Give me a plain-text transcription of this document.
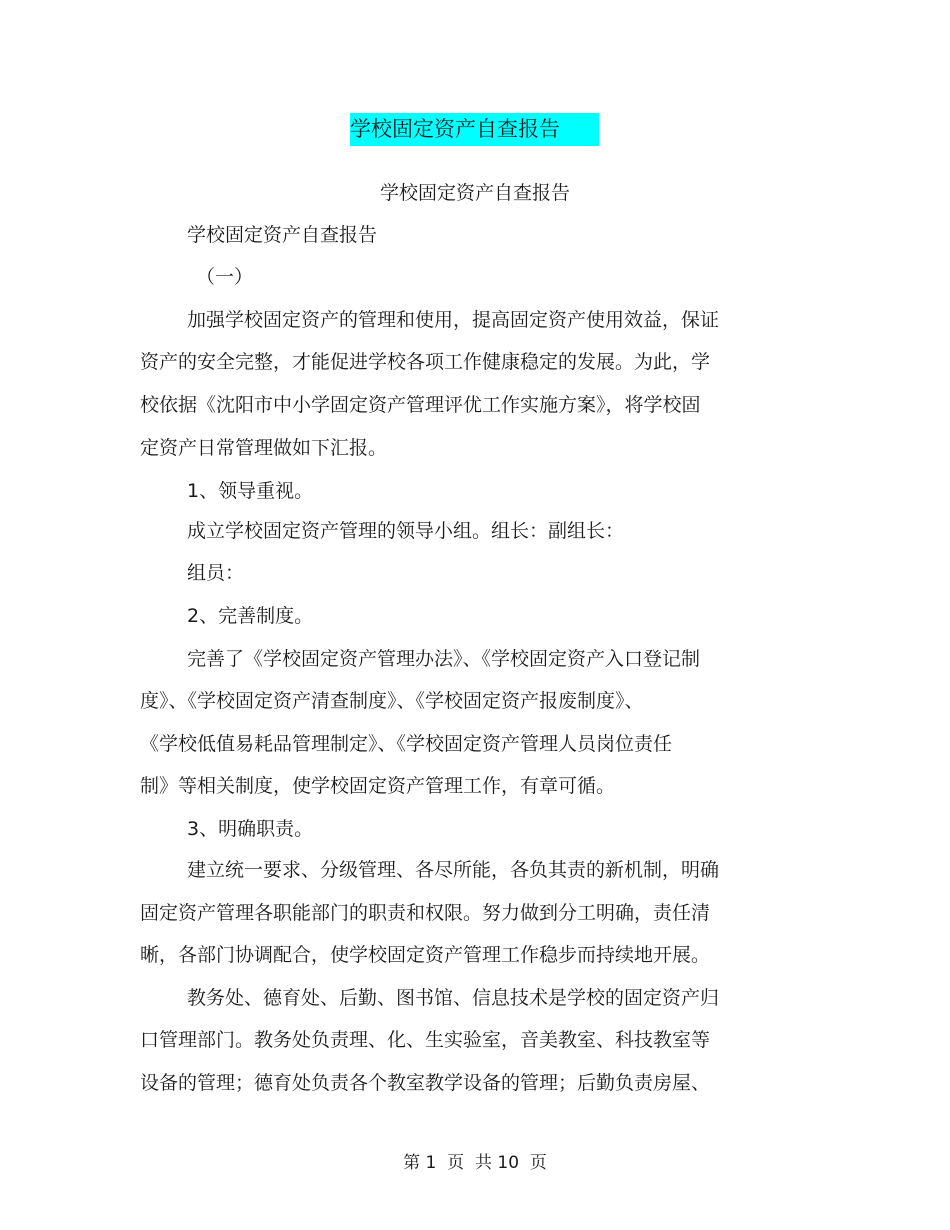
学校固定资产自查报告
学校固定资产自查报告
学校固定资产自查报告
（一）
加强学校固定资产的管理和使用，提高固定资产使用效益，保证
资产的安全完整，才能促进学校各项工作健康稳定的发展。为此，学
校依据《沈阳市中小学固定资产管理评优工作实施方案》，将学校固
定资产日常管理做如下汇报。
1、领导重视。
成立学校固定资产管理的领导小组。组长：副组长：
组员：
2、完善制度。
完善了《学校固定资产管理办法》、《学校固定资产入口登记制
度》、《学校固定资产清查制度》、《学校固定资产报废制度》、
《学校低值易耗品管理制定》、《学校固定资产管理人员岗位责任
制》等相关制度，使学校固定资产管理工作，有章可循。
3、明确职责。
建立统一要求、分级管理、各尽所能，各负其责的新机制，明确
固定资产管理各职能部门的职责和权限。努力做到分工明确，责任清
晰，各部门协调配合，使学校固定资产管理工作稳步而持续地开展。
教务处、德育处、后勤、图书馆、信息技术是学校的固定资产归
口管理部门。教务处负责理、化、生实验室，音美教室、科技教室等
设备的管理；德育处负责各个教室教学设备的管理；后勤负责房屋、
第 1  页  共 10  页
